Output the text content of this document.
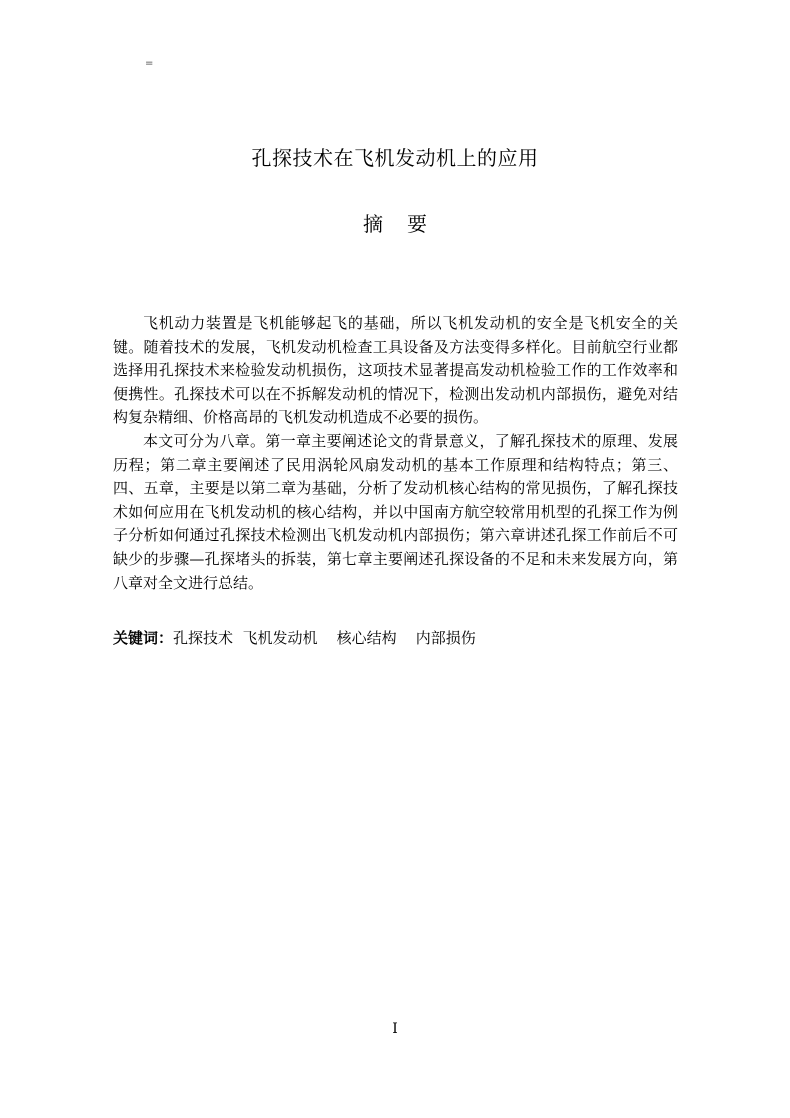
=
孔探技术在飞机发动机上的应用
摘要

飞机动力装置是飞机能够起飞的基础，所以飞机发动机的安全是飞机安全的关键。随着技术的发展，飞机发动机检查工具设备及方法变得多样化。目前航空行业都选择用孔探技术来检验发动机损伤，这项技术显著提高发动机检验工作的工作效率和便携性。孔探技术可以在不拆解发动机的情况下，检测出发动机内部损伤，避免对结构复杂精细、价格高昂的飞机发动机造成不必要的损伤。

本文可分为八章。第一章主要阐述论文的背景意义，了解孔探技术的原理、发展历程；第二章主要阐述了民用涡轮风扇发动机的基本工作原理和结构特点；第三、四、五章，主要是以第二章为基础，分析了发动机核心结构的常见损伤，了解孔探技术如何应用在飞机发动机的核心结构，并以中国南方航空较常用机型的孔探工作为例子分析如何通过孔探技术检测出飞机发动机内部损伤；第六章讲述孔探工作前后不可缺少的步骤—孔探堵头的拆装，第七章主要阐述孔探设备的不足和未来发展方向，第八章对全文进行总结。

关键词：孔探技术  飞机发动机    核心结构    内部损伤
I
